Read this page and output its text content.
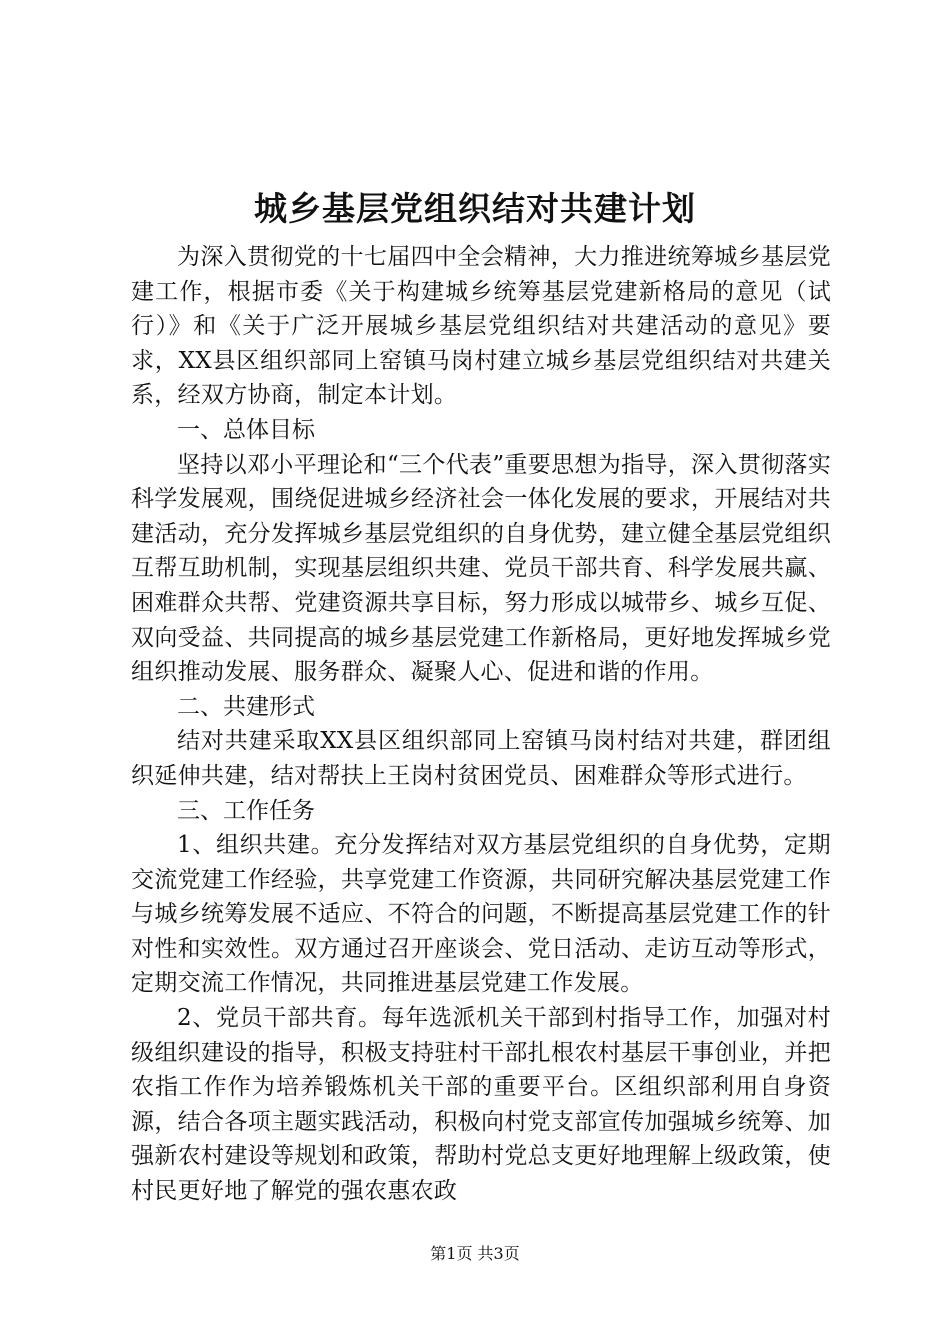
城乡基层党组织结对共建计划

为深入贯彻党的十七届四中全会精神，大力推进统筹城乡基层党建工作，根据市委《关于构建城乡统筹基层党建新格局的意见（试行）》和《关于广泛开展城乡基层党组织结对共建活动的意见》要求，XX县区组织部同上窑镇马岗村建立城乡基层党组织结对共建关系，经双方协商，制定本计划。

一、总体目标

坚持以邓小平理论和“三个代表”重要思想为指导，深入贯彻落实科学发展观，围绕促进城乡经济社会一体化发展的要求，开展结对共建活动，充分发挥城乡基层党组织的自身优势，建立健全基层党组织互帮互助机制，实现基层组织共建、党员干部共育、科学发展共赢、困难群众共帮、党建资源共享目标，努力形成以城带乡、城乡互促、双向受益、共同提高的城乡基层党建工作新格局，更好地发挥城乡党组织推动发展、服务群众、凝聚人心、促进和谐的作用。

二、共建形式

结对共建采取XX县区组织部同上窑镇马岗村结对共建，群团组织延伸共建，结对帮扶上王岗村贫困党员、困难群众等形式进行。

三、工作任务

1、组织共建。充分发挥结对双方基层党组织的自身优势，定期交流党建工作经验，共享党建工作资源，共同研究解决基层党建工作与城乡统筹发展不适应、不符合的问题，不断提高基层党建工作的针对性和实效性。双方通过召开座谈会、党日活动、走访互动等形式，定期交流工作情况，共同推进基层党建工作发展。

2、党员干部共育。每年选派机关干部到村指导工作，加强对村级组织建设的指导，积极支持驻村干部扎根农村基层干事创业，并把农指工作作为培养锻炼机关干部的重要平台。区组织部利用自身资源，结合各项主题实践活动，积极向村党支部宣传加强城乡统筹、加强新农村建设等规划和政策，帮助村党总支更好地理解上级政策，使村民更好地了解党的强农惠农政

第1页 共3页
